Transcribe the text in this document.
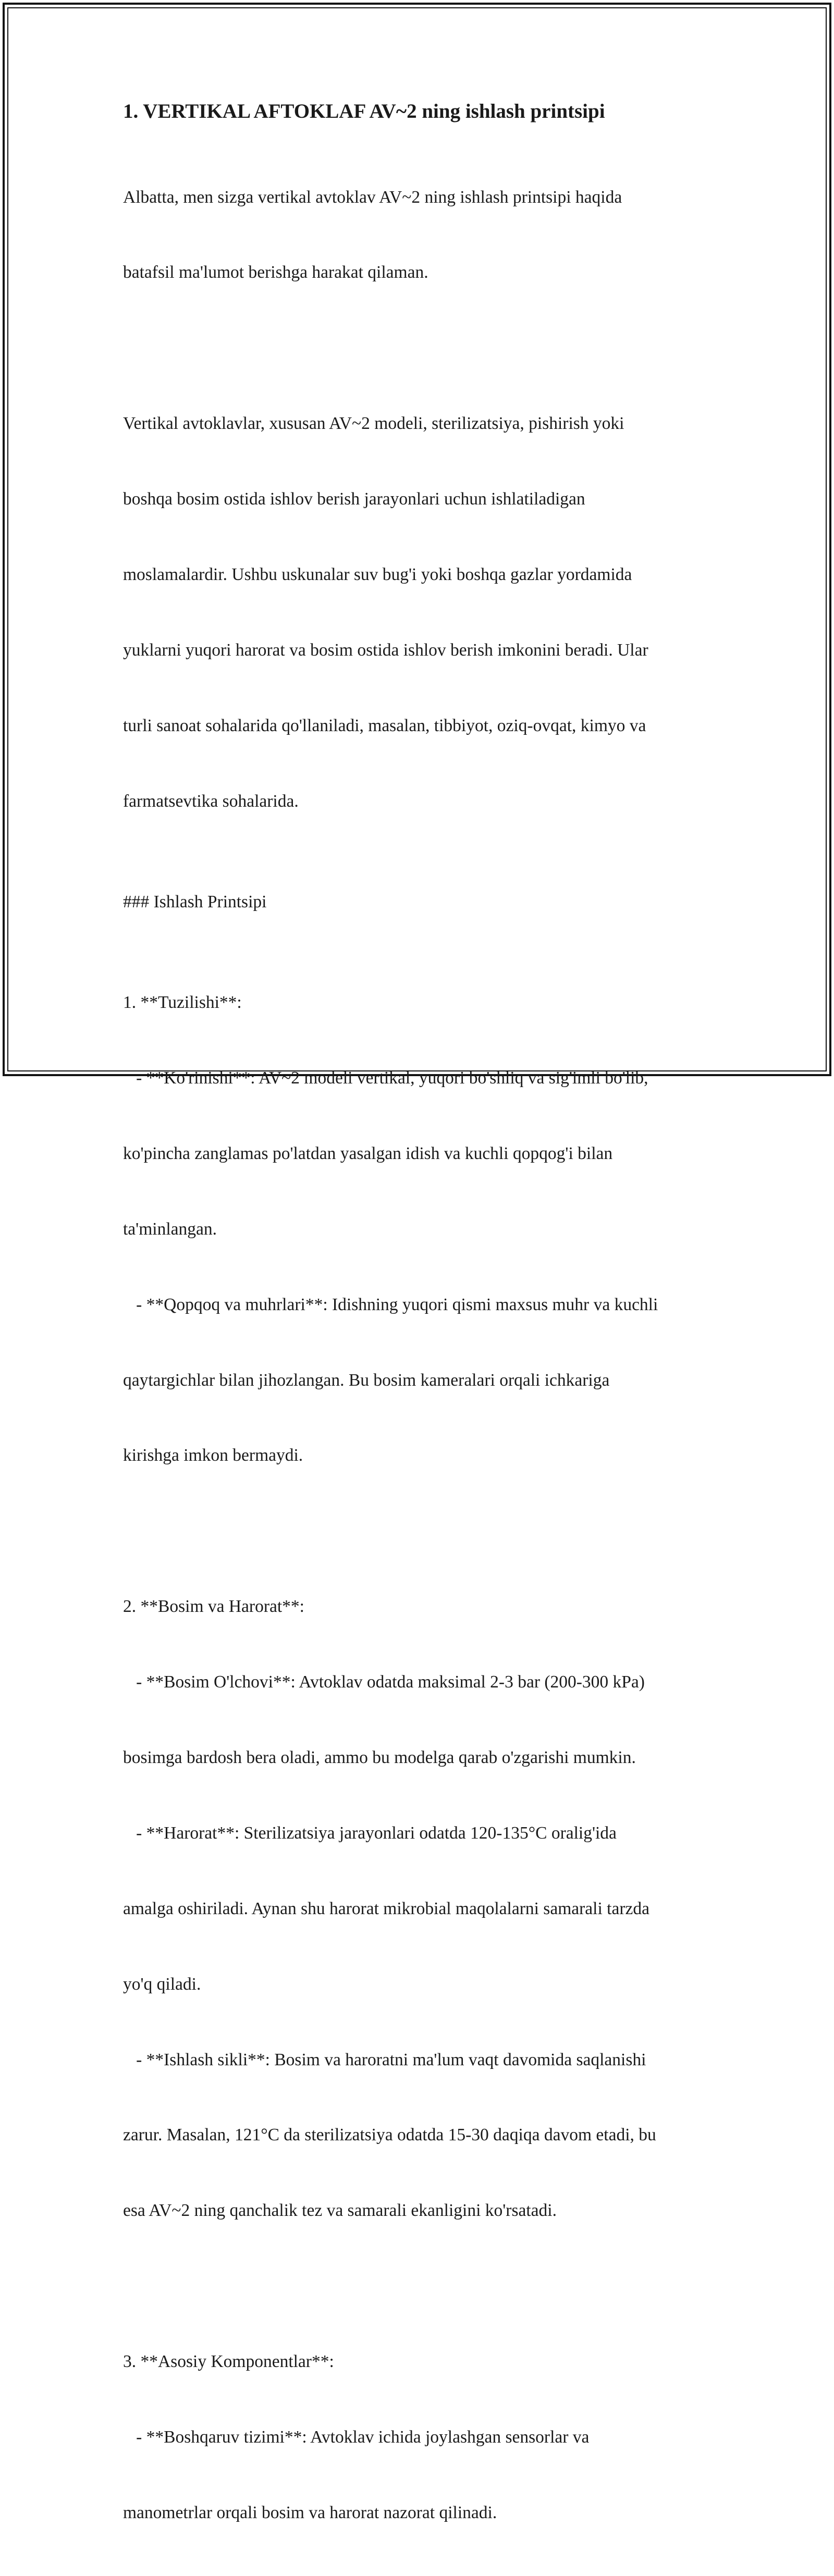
1. VERTIKAL AFTOKLAF AV~2 ning ishlash printsipi

Albatta, men sizga vertikal avtoklav AV~2 ning ishlash printsipi haqida

batafsil ma'lumot berishga harakat qilaman.

Vertikal avtoklavlar, xususan AV~2 modeli, sterilizatsiya, pishirish yoki

boshqa bosim ostida ishlov berish jarayonlari uchun ishlatiladigan

moslamalardir. Ushbu uskunalar suv bug'i yoki boshqa gazlar yordamida

yuklarni yuqori harorat va bosim ostida ishlov berish imkonini beradi. Ular

turli sanoat sohalarida qo'llaniladi, masalan, tibbiyot, oziq-ovqat, kimyo va

farmatsevtika sohalarida.

### Ishlash Printsipi

1. **Tuzilishi**:

- **Ko'rinishi**: AV~2 modeli vertikal, yuqori bo'shliq va sig'imli bo'lib,

ko'pincha zanglamas po'latdan yasalgan idish va kuchli qopqog'i bilan

ta'minlangan.

- **Qopqoq va muhrlari**: Idishning yuqori qismi maxsus muhr va kuchli

qaytargichlar bilan jihozlangan. Bu bosim kameralari orqali ichkariga

kirishga imkon bermaydi.

2. **Bosim va Harorat**:

- **Bosim O'lchovi**: Avtoklav odatda maksimal 2-3 bar (200-300 kPa)

bosimga bardosh bera oladi, ammo bu modelga qarab o'zgarishi mumkin.

- **Harorat**: Sterilizatsiya jarayonlari odatda 120-135°C oralig'ida

amalga oshiriladi. Aynan shu harorat mikrobial maqolalarni samarali tarzda

yo'q qiladi.

- **Ishlash sikli**: Bosim va haroratni ma'lum vaqt davomida saqlanishi

zarur. Masalan, 121°C da sterilizatsiya odatda 15-30 daqiqa davom etadi, bu

esa AV~2 ning qanchalik tez va samarali ekanligini ko'rsatadi.

3. **Asosiy Komponentlar**:

- **Boshqaruv tizimi**: Avtoklav ichida joylashgan sensorlar va

manometrlar orqali bosim va harorat nazorat qilinadi.
